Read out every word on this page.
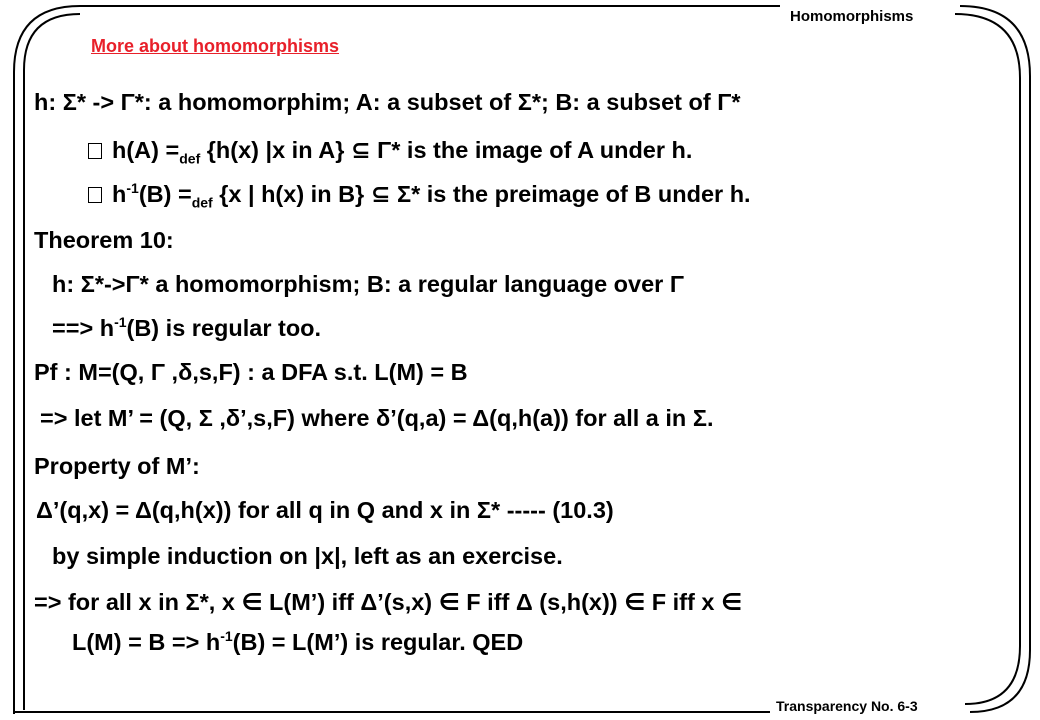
Homomorphisms
More about homomorphisms
h: Σ* -> Γ*: a homomorphim; A: a subset of Σ*; B: a subset of Γ*
$h(A) =_{def}$ {h(x) |x in A} ⊆ Γ* is the image of A under h.
$h^{-1}(B) =_{def}$ {x | h(x) in B} ⊆ Σ* is the preimage of B under h.
Theorem 10:
h: Σ*->Γ* a homomorphism; B: a regular language over Γ
==> $h^{-1}(B)$ is regular too.
Pf : M=(Q, Γ ,δ,s,F) : a DFA s.t. L(M) = B
=> let M’ = (Q, Σ ,δ’,s,F) where δ’(q,a) = Δ(q,h(a)) for all a in Σ.
Property of M’:
Δ’(q,x) = Δ(q,h(x)) for all q in Q and x in Σ* ----- (10.3)
by simple induction on |x|, left as an exercise.
=> for all x in Σ*, x ∈ L(M’) iff Δ’(s,x) ∈ F iff Δ (s,h(x)) ∈ F iff x ∈
$L(M) = B => h^{-1}(B)$ = L(M’) is regular. QED
Transparency No. 6-3
